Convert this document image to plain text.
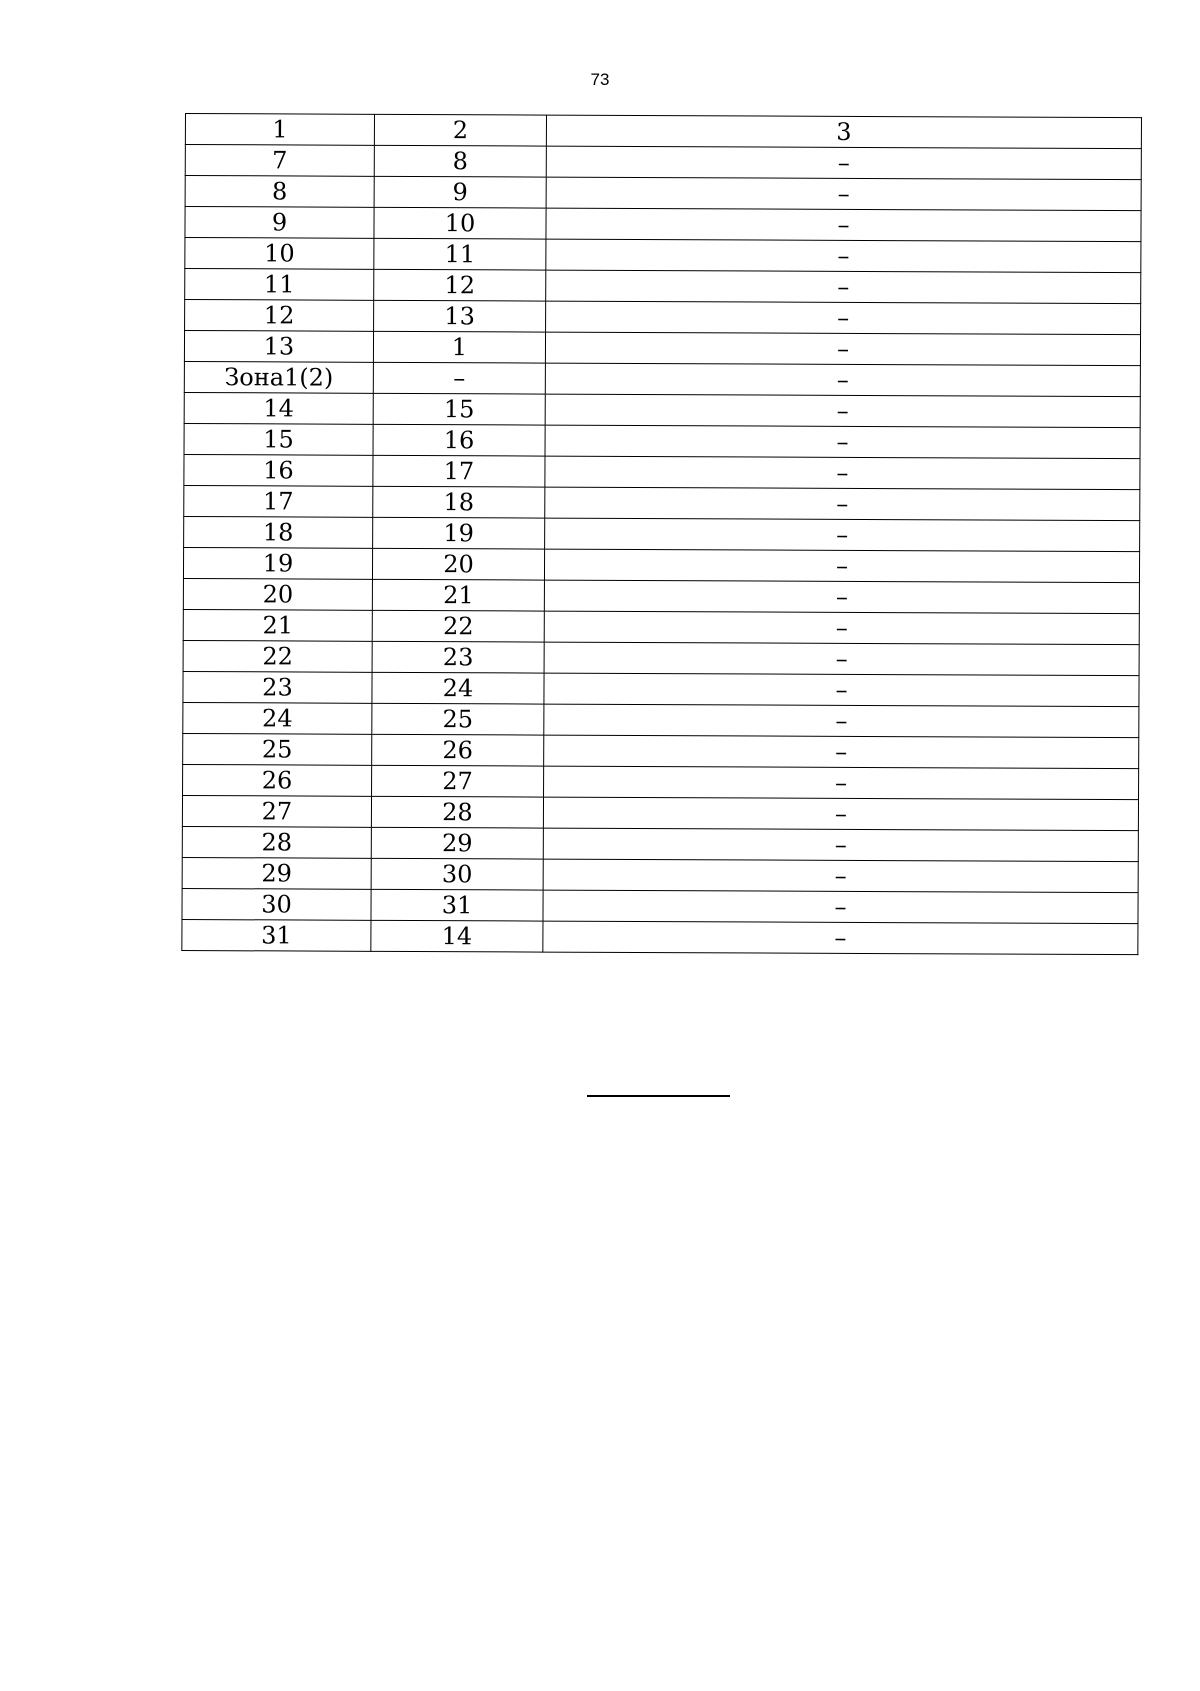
73
1	2	3
7	8	–
8	9	–
9	10	–
10	11	–
11	12	–
12	13	–
13	1	–
Зона1(2)	–	–
14	15	–
15	16	–
16	17	–
17	18	–
18	19	–
19	20	–
20	21	–
21	22	–
22	23	–
23	24	–
24	25	–
25	26	–
26	27	–
27	28	–
28	29	–
29	30	–
30	31	–
31	14	–
